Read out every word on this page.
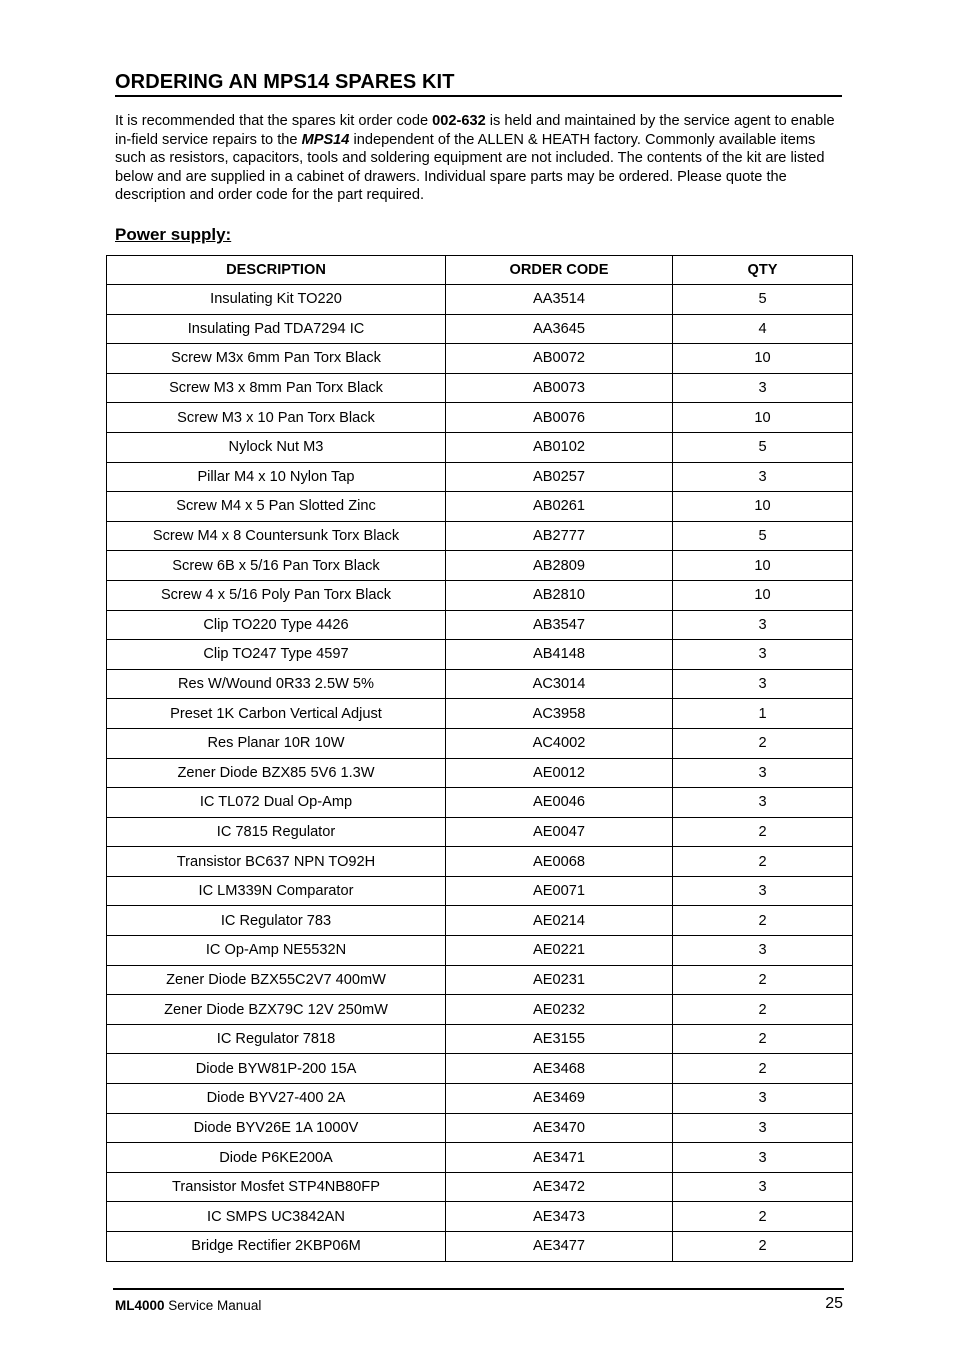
ORDERING AN MPS14 SPARES KIT
It is recommended that the spares kit order code 002-632 is held and maintained by the service agent to enable in-field service repairs to the MPS14 independent of the ALLEN & HEATH factory. Commonly available items such as resistors, capacitors, tools and soldering equipment are not included. The contents of the kit are listed below and are supplied in a cabinet of drawers. Individual spare parts may be ordered. Please quote the description and order code for the part required.
Power supply:
DESCRIPTION	ORDER CODE	QTY
Insulating Kit TO220	AA3514	5
Insulating Pad TDA7294 IC	AA3645	4
Screw M3x 6mm Pan Torx Black	AB0072	10
Screw M3 x 8mm Pan Torx Black	AB0073	3
Screw M3 x 10 Pan Torx Black	AB0076	10
Nylock Nut M3	AB0102	5
Pillar M4 x 10 Nylon Tap	AB0257	3
Screw M4 x 5 Pan Slotted Zinc	AB0261	10
Screw M4 x 8 Countersunk Torx Black	AB2777	5
Screw 6B x 5/16 Pan Torx Black	AB2809	10
Screw 4 x 5/16 Poly Pan Torx Black	AB2810	10
Clip TO220 Type 4426	AB3547	3
Clip TO247 Type 4597	AB4148	3
Res W/Wound 0R33 2.5W 5%	AC3014	3
Preset 1K Carbon Vertical Adjust	AC3958	1
Res Planar 10R 10W	AC4002	2
Zener Diode BZX85 5V6 1.3W	AE0012	3
IC TL072 Dual Op-Amp	AE0046	3
IC 7815 Regulator	AE0047	2
Transistor BC637 NPN TO92H	AE0068	2
IC LM339N Comparator	AE0071	3
IC Regulator 783	AE0214	2
IC Op-Amp NE5532N	AE0221	3
Zener Diode BZX55C2V7 400mW	AE0231	2
Zener Diode BZX79C 12V 250mW	AE0232	2
IC Regulator 7818	AE3155	2
Diode BYW81P-200 15A	AE3468	2
Diode BYV27-400 2A	AE3469	3
Diode BYV26E 1A 1000V	AE3470	3
Diode P6KE200A	AE3471	3
Transistor Mosfet STP4NB80FP	AE3472	3
IC SMPS UC3842AN	AE3473	2
Bridge Rectifier 2KBP06M	AE3477	2
ML4000 Service Manual	25
